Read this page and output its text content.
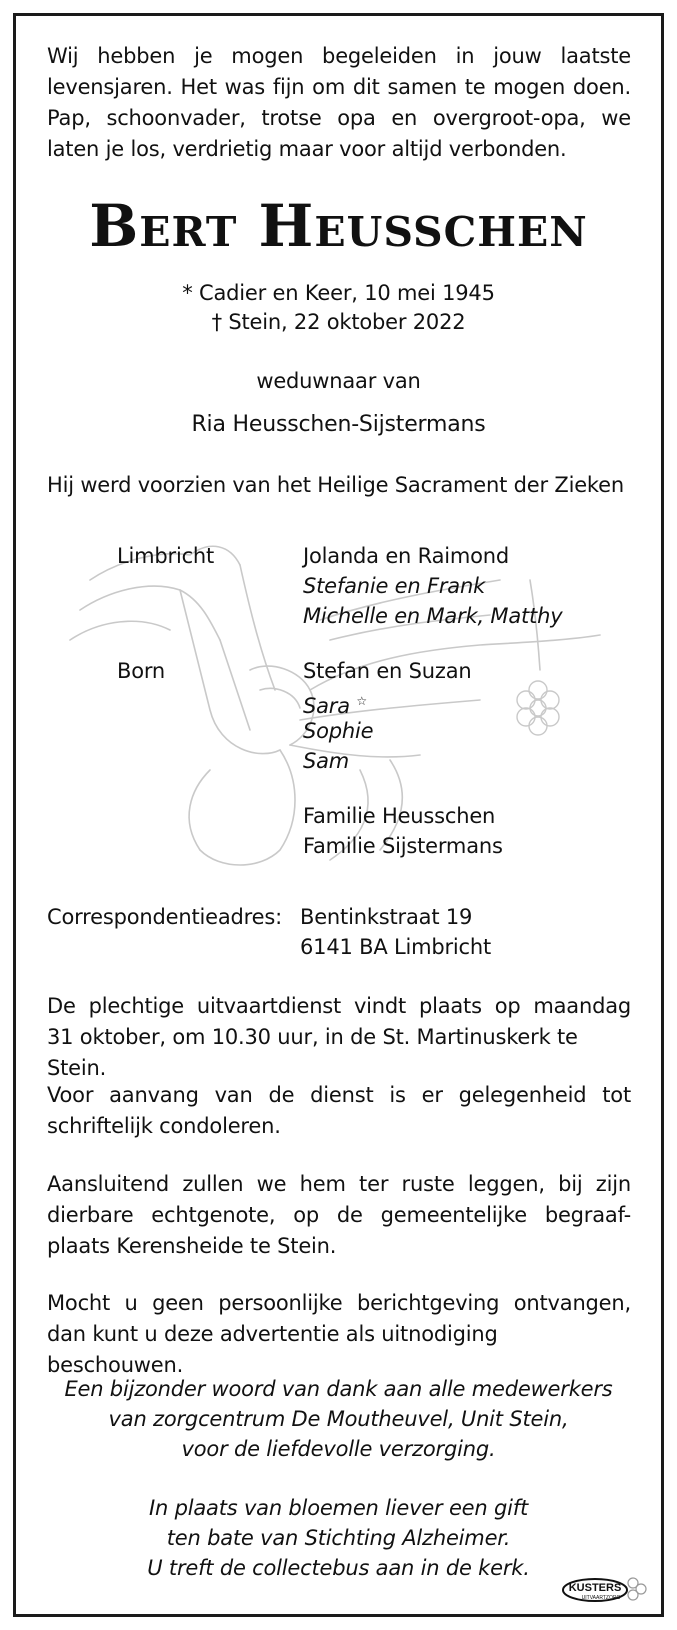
Wij hebben je mogen begeleiden in jouw laatste levensjaren. Het was fijn om dit samen te mogen doen. Pap, schoonvader, trotse opa en overgroot-opa, we
laten je los, verdrietig maar voor altijd verbonden.
Bert Heusschen
* Cadier en Keer, 10 mei 1945
† Stein, 22 oktober 2022
weduwnaar van
Ria Heusschen-Sijstermans
Hij werd voorzien van het Heilige Sacrament der Zieken
Limbricht	Jolanda en Raimond
Stefanie en Frank
Michelle en Mark, Matthy
Born	Stefan en Suzan
Sara ☆
Sophie
Sam
Familie Heusschen
Familie Sijstermans
Correspondentieadres: Bentinkstraat 19
6141 BA Limbricht
De plechtige uitvaartdienst vindt plaats op maandag
31 oktober, om 10.30 uur, in de St. Martinuskerk te Stein.
Voor aanvang van de dienst is er gelegenheid tot
schriftelijk condoleren.
Aansluitend zullen we hem ter ruste leggen, bij zijn dierbare echtgenote, op de gemeentelijke begraaf-
plaats Kerensheide te Stein.
Mocht u geen persoonlijke berichtgeving ontvangen,
dan kunt u deze advertentie als uitnodiging beschouwen.
Een bijzonder woord van dank aan alle medewerkers
van zorgcentrum De Moutheuvel, Unit Stein,
voor de liefdevolle verzorging.
In plaats van bloemen liever een gift
ten bate van Stichting Alzheimer.
U treft de collectebus aan in de kerk.
KUSTERS
UITVAARTZORG
